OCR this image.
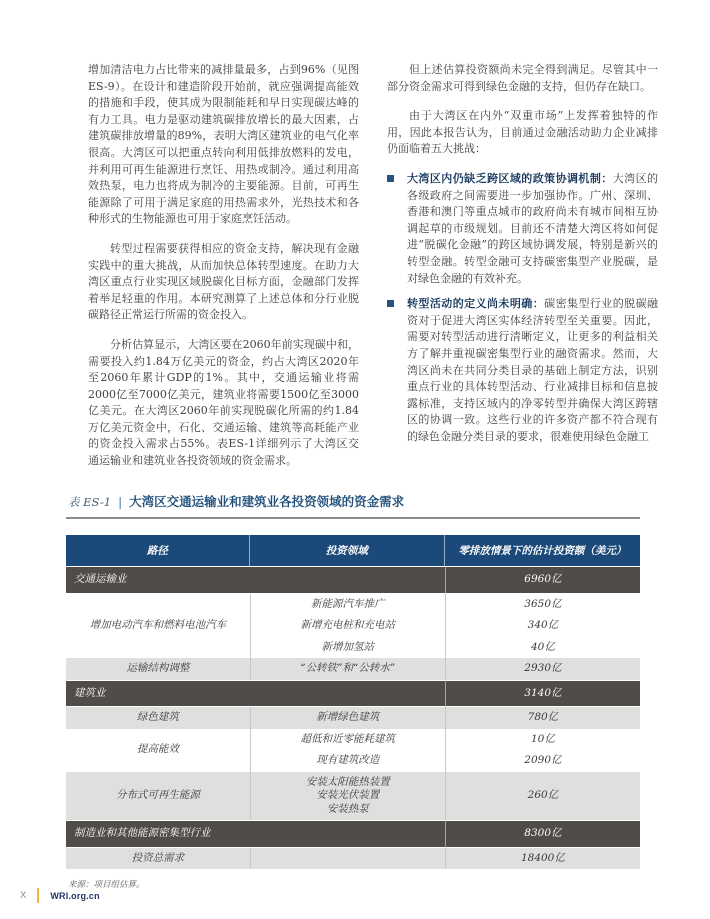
增加清洁电力占比带来的减排量最多，占到96%（见图ES-9）。在设计和建造阶段开始前，就应强调提高能效的措施和手段，使其成为限制能耗和早日实现碳达峰的有力工具。电力是驱动建筑碳排放增长的最大因素，占建筑碳排放增量的89%，表明大湾区建筑业的电气化率很高。大湾区可以把重点转向利用低排放燃料的发电，并利用可再生能源进行烹饪、用热或制冷。通过利用高效热泵，电力也将成为制冷的主要能源。目前，可再生能源除了可用于满足家庭的用热需求外，光热技术和各种形式的生物能源也可用于家庭烹饪活动。

转型过程需要获得相应的资金支持，解决现有金融实践中的重大挑战，从而加快总体转型速度。在助力大湾区重点行业实现区域脱碳化目标方面，金融部门发挥着举足轻重的作用。本研究测算了上述总体和分行业脱碳路径正常运行所需的资金投入。

分析估算显示，大湾区要在2060年前实现碳中和，需要投入约1.84万亿美元的资金，约占大湾区2020年至2060年累计GDP的1%。其中，交通运输业将需2000亿至7000亿美元，建筑业将需要1500亿至3000亿美元。在大湾区2060年前实现脱碳化所需的约1.84万亿美元资金中，石化、交通运输、建筑等高耗能产业的资金投入需求占55%。表ES-1详细列示了大湾区交通运输业和建筑业各投资领域的资金需求。

但上述估算投资额尚未完全得到满足。尽管其中一部分资金需求可得到绿色金融的支持，但仍存在缺口。

由于大湾区在内外“双重市场”上发挥着独特的作用，因此本报告认为，目前通过金融活动助力企业减排仍面临着五大挑战：

大湾区内仍缺乏跨区域的政策协调机制：大湾区的各级政府之间需要进一步加强协作。广州、深圳、香港和澳门等重点城市的政府尚未有城市间相互协调起草的市级规划。目前还不清楚大湾区将如何促进“脱碳化金融”的跨区域协调发展，特别是新兴的转型金融。转型金融可支持碳密集型产业脱碳，是对绿色金融的有效补充。
转型活动的定义尚未明确：碳密集型行业的脱碳融资对于促进大湾区实体经济转型至关重要。因此，需要对转型活动进行清晰定义，让更多的利益相关方了解并重视碳密集型行业的融资需求。然而，大湾区尚未在共同分类目录的基础上制定方法，识别重点行业的具体转型活动、行业减排目标和信息披露标准，支持区域内的净零转型并确保大湾区跨辖区的协调一致。这些行业的许多资产都不符合现有的绿色金融分类目录的要求，很难使用绿色金融工
表 ES-1 | 大湾区交通运输业和建筑业各投资领域的资金需求
路径	投资领域	零排放情景下的估计投资额（美元）
交通运输业		6960亿
增加电动汽车和燃料电池汽车	新能源汽车推广	3650亿
	新增充电桩和充电站	340亿
	新增加氢站	40亿
运输结构调整	“公转铁”和“公转水”	2930亿
建筑业		3140亿
绿色建筑	新增绿色建筑	780亿
提高能效	超低和近零能耗建筑	10亿
	现有建筑改造	2090亿
分布式可再生能源	安装太阳能热装置
安装光伏装置
安装热泵	260亿
制造业和其他能源密集型行业		8300亿
投资总需求		18400亿
来源：项目组估算。
X	WRI.org.cn
